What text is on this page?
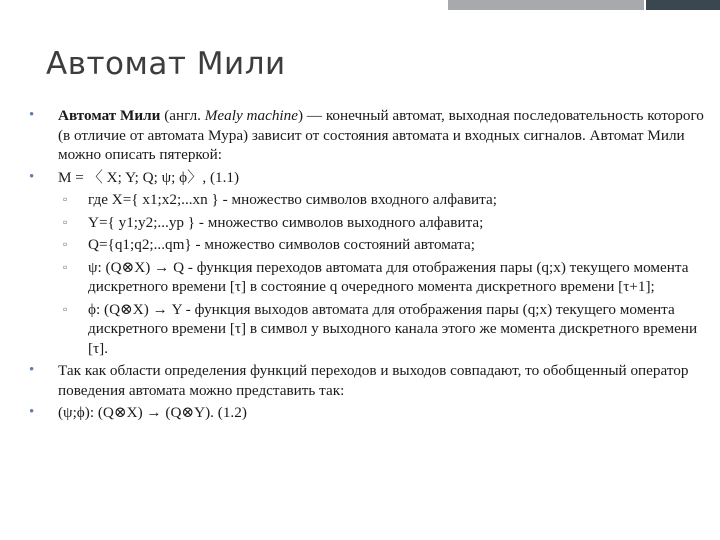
Автомат Мили
• Автомат Мили (англ. Mealy machine) — конечный автомат, выходная последовательность которого (в отличие от автомата Мура) зависит от состояния автомата и входных сигналов. Автомат Мили можно описать пятеркой:
• M = 〈 X; Y; Q; ψ; ϕ〉, (1.1)
▫ где X={ x1;x2;...xn } - множество символов входного алфавита;
▫ Y={ y1;y2;...yp } - множество символов выходного алфавита;
▫ Q={q1;q2;...qm} - множество символов состояний автомата;
▫ ψ: (Q⊗X) → Q - функция переходов автомата для отображения пары (q;x) текущего момента дискретного времени [τ] в состояние q очередного момента дискретного времени [τ+1];
▫ ϕ: (Q⊗X) → Y - функция выходов автомата для отображения пары (q;x) текущего момента дискретного времени [τ] в символ y выходного канала этого же момента дискретного времени [τ].
• Так как области определения функций переходов и выходов совпадают, то обобщенный оператор поведения автомата можно представить так:
• (ψ;ϕ): (Q⊗X) → (Q⊗Y). (1.2)
